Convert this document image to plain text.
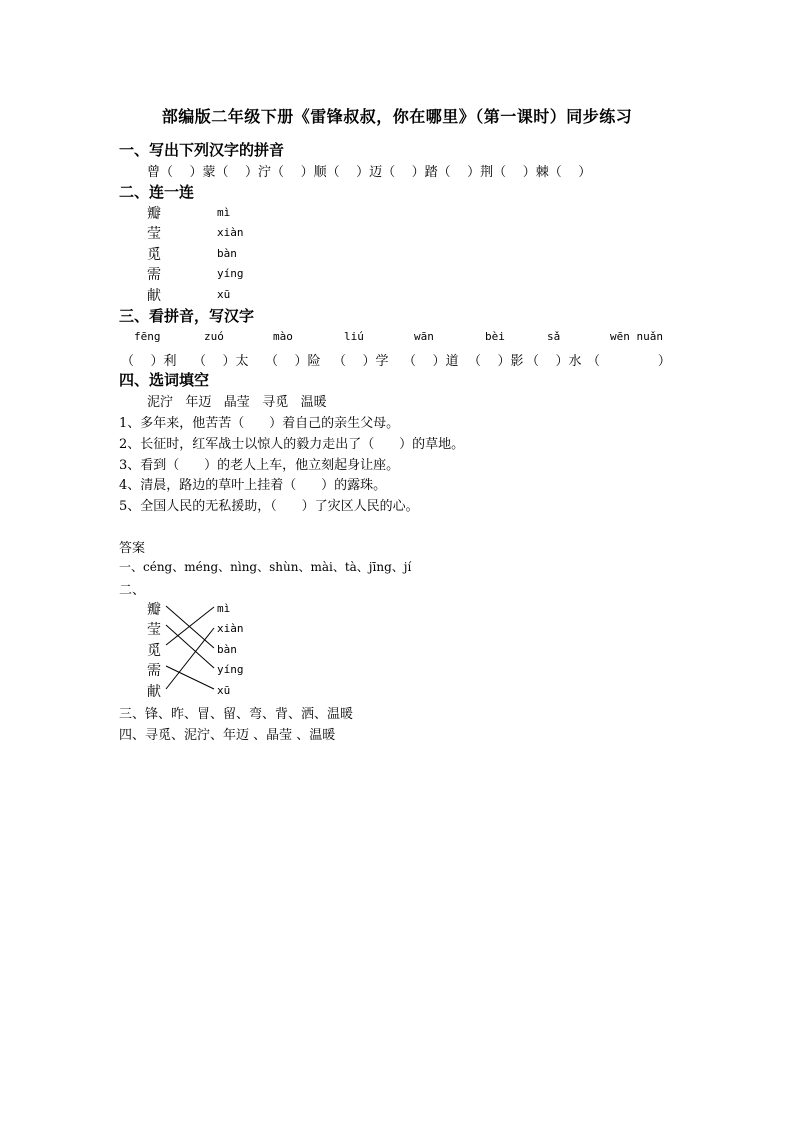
部编版二年级下册《雷锋叔叔，你在哪里》（第一课时）同步练习
一、写出下列汉字的拼音
曾（    ）蒙（    ）泞（    ）顺（    ）迈（    ）踏（    ）荆（    ）棘（    ）
二、连一连
瓣
莹
觅
需
献
mì
xiàn
bàn
yíng
xū
三、看拼音，写汉字
fēng	zuó	mào	liú	wān	bèi	sǎ	wēn nuǎn
（    ）利 （    ）太 （    ）险 （    ）学 （    ）道 （    ）影 （    ）水 （              ）
四、选词填空
泥泞   年迈   晶莹   寻觅   温暖
1、多年来，他苦苦（      ）着自己的亲生父母。
2、长征时，红军战士以惊人的毅力走出了（      ）的草地。
3、看到（      ）的老人上车，他立刻起身让座。
4、清晨，路边的草叶上挂着（      ）的露珠。
5、全国人民的无私援助，（      ）了灾区人民的心。
答案
一、céng、méng、nìng、shùn、mài、tà、jīng、jí
二、
瓣
莹
觅
需
献
mì
xiàn
bàn
yíng
xū
三、锋、昨、冒、留、弯、背、洒、温暖
四、寻觅、泥泞、年迈 、晶莹 、温暖
